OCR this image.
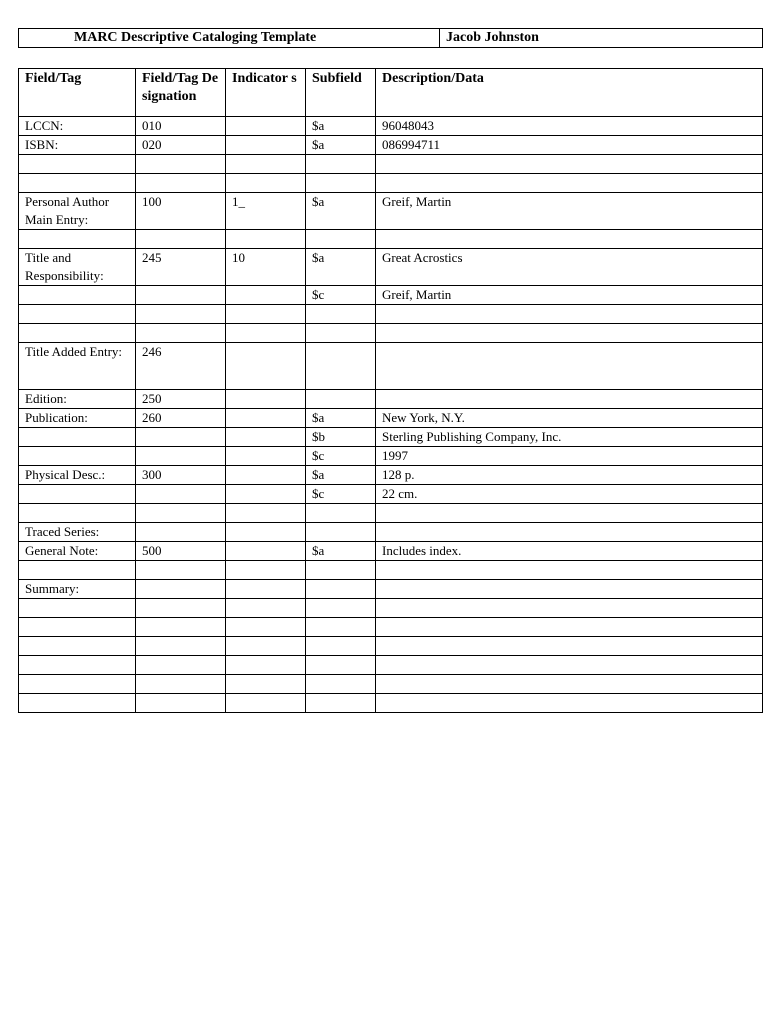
MARC Descriptive Cataloging Template	Jacob Johnston
Field/Tag	Field/Tag Designation	Indicator s	Subfield	Description/Data
LCCN:	010		$a	96048043
ISBN:	020		$a	086994711

Personal Author Main Entry:	100	1_	$a	Greif, Martin

Title and Responsibility:	245	10	$a	Great Acrostics
			$c	Greif, Martin

Title Added Entry:	246			
Edition:	250			
Publication:	260		$a	New York, N.Y.
			$b	Sterling Publishing Company, Inc.
			$c	1997
Physical Desc.:	300		$a	128 p.
			$c	22 cm.

Traced Series:				
General Note:	500		$a	Includes index.

Summary:				
